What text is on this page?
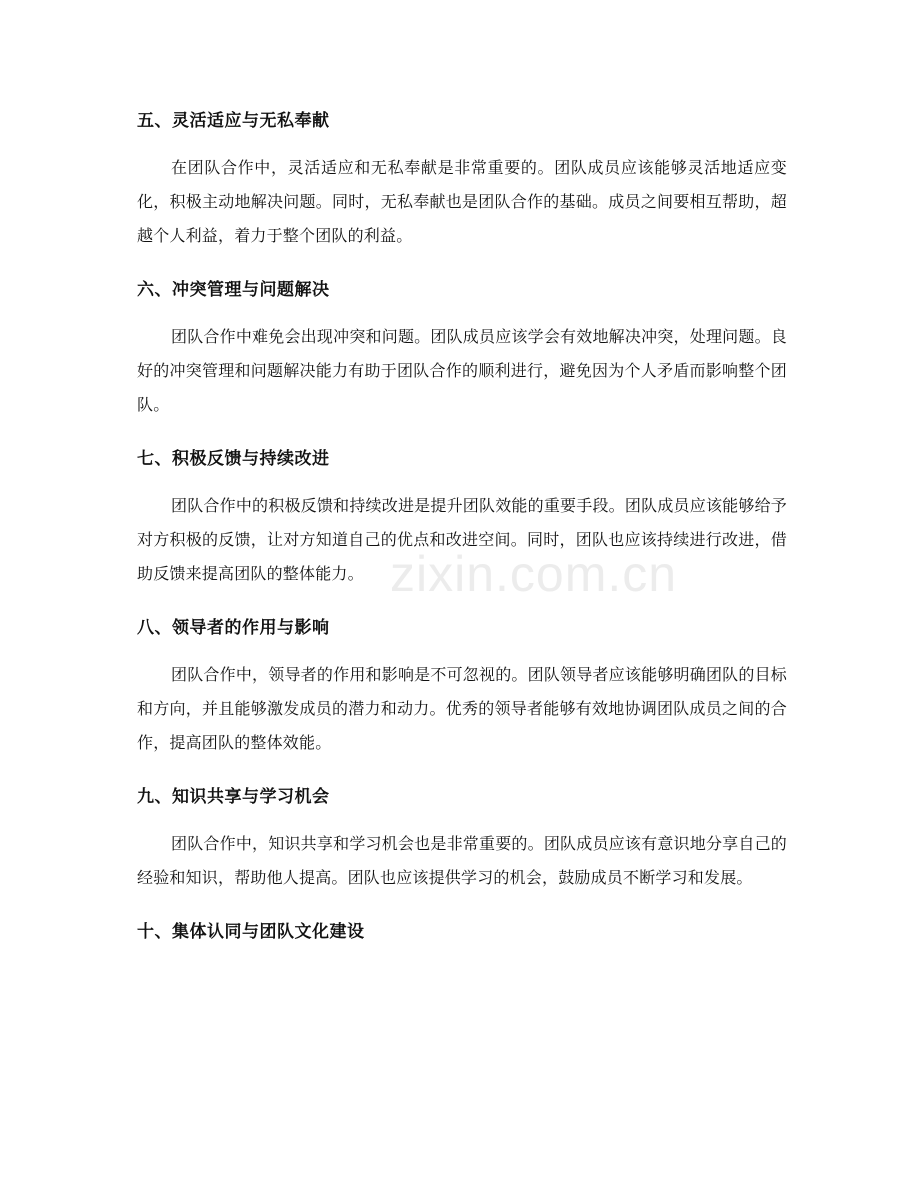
五、灵活适应与无私奉献

在团队合作中，灵活适应和无私奉献是非常重要的。团队成员应该能够灵活地适应变化，积极主动地解决问题。同时，无私奉献也是团队合作的基础。成员之间要相互帮助，超越个人利益，着力于整个团队的利益。

六、冲突管理与问题解决

团队合作中难免会出现冲突和问题。团队成员应该学会有效地解决冲突，处理问题。良好的冲突管理和问题解决能力有助于团队合作的顺利进行，避免因为个人矛盾而影响整个团队。

七、积极反馈与持续改进

团队合作中的积极反馈和持续改进是提升团队效能的重要手段。团队成员应该能够给予对方积极的反馈，让对方知道自己的优点和改进空间。同时，团队也应该持续进行改进，借助反馈来提高团队的整体能力。

八、领导者的作用与影响

团队合作中，领导者的作用和影响是不可忽视的。团队领导者应该能够明确团队的目标和方向，并且能够激发成员的潜力和动力。优秀的领导者能够有效地协调团队成员之间的合作，提高团队的整体效能。

九、知识共享与学习机会

团队合作中，知识共享和学习机会也是非常重要的。团队成员应该有意识地分享自己的经验和知识，帮助他人提高。团队也应该提供学习的机会，鼓励成员不断学习和发展。

十、集体认同与团队文化建设
zixin.com.cn
